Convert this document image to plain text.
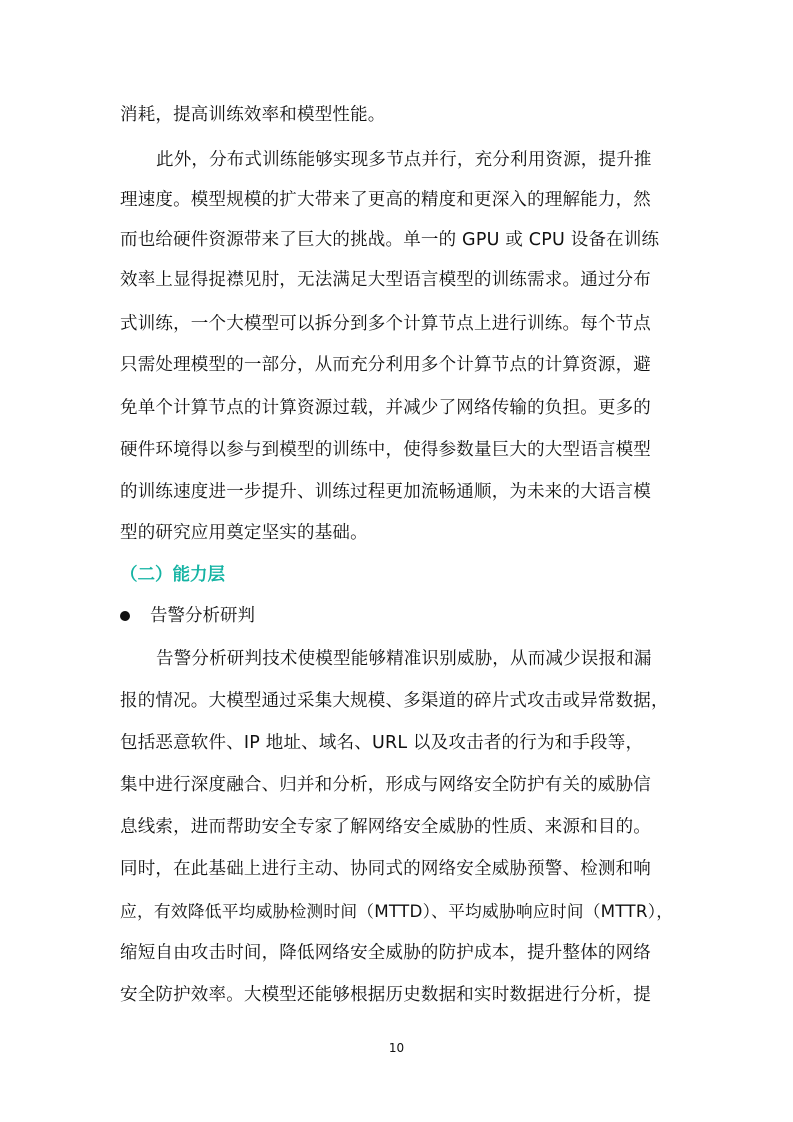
消耗，提高训练效率和模型性能。
此外，分布式训练能够实现多节点并行，充分利用资源，提升推
理速度。模型规模的扩大带来了更高的精度和更深入的理解能力，然
而也给硬件资源带来了巨大的挑战。单一的 GPU 或 CPU 设备在训练
效率上显得捉襟见肘，无法满足大型语言模型的训练需求。通过分布
式训练，一个大模型可以拆分到多个计算节点上进行训练。每个节点
只需处理模型的一部分，从而充分利用多个计算节点的计算资源，避
免单个计算节点的计算资源过载，并减少了网络传输的负担。更多的
硬件环境得以参与到模型的训练中，使得参数量巨大的大型语言模型
的训练速度进一步提升、训练过程更加流畅通顺，为未来的大语言模
型的研究应用奠定坚实的基础。
（二）能力层
告警分析研判
告警分析研判技术使模型能够精准识别威胁，从而减少误报和漏
报的情况。大模型通过采集大规模、多渠道的碎片式攻击或异常数据，
包括恶意软件、IP 地址、域名、URL 以及攻击者的行为和手段等，
集中进行深度融合、归并和分析，形成与网络安全防护有关的威胁信
息线索，进而帮助安全专家了解网络安全威胁的性质、来源和目的。
同时，在此基础上进行主动、协同式的网络安全威胁预警、检测和响
应，有效降低平均威胁检测时间（MTTD）、平均威胁响应时间（MTTR），
缩短自由攻击时间，降低网络安全威胁的防护成本，提升整体的网络
安全防护效率。大模型还能够根据历史数据和实时数据进行分析，提
10
